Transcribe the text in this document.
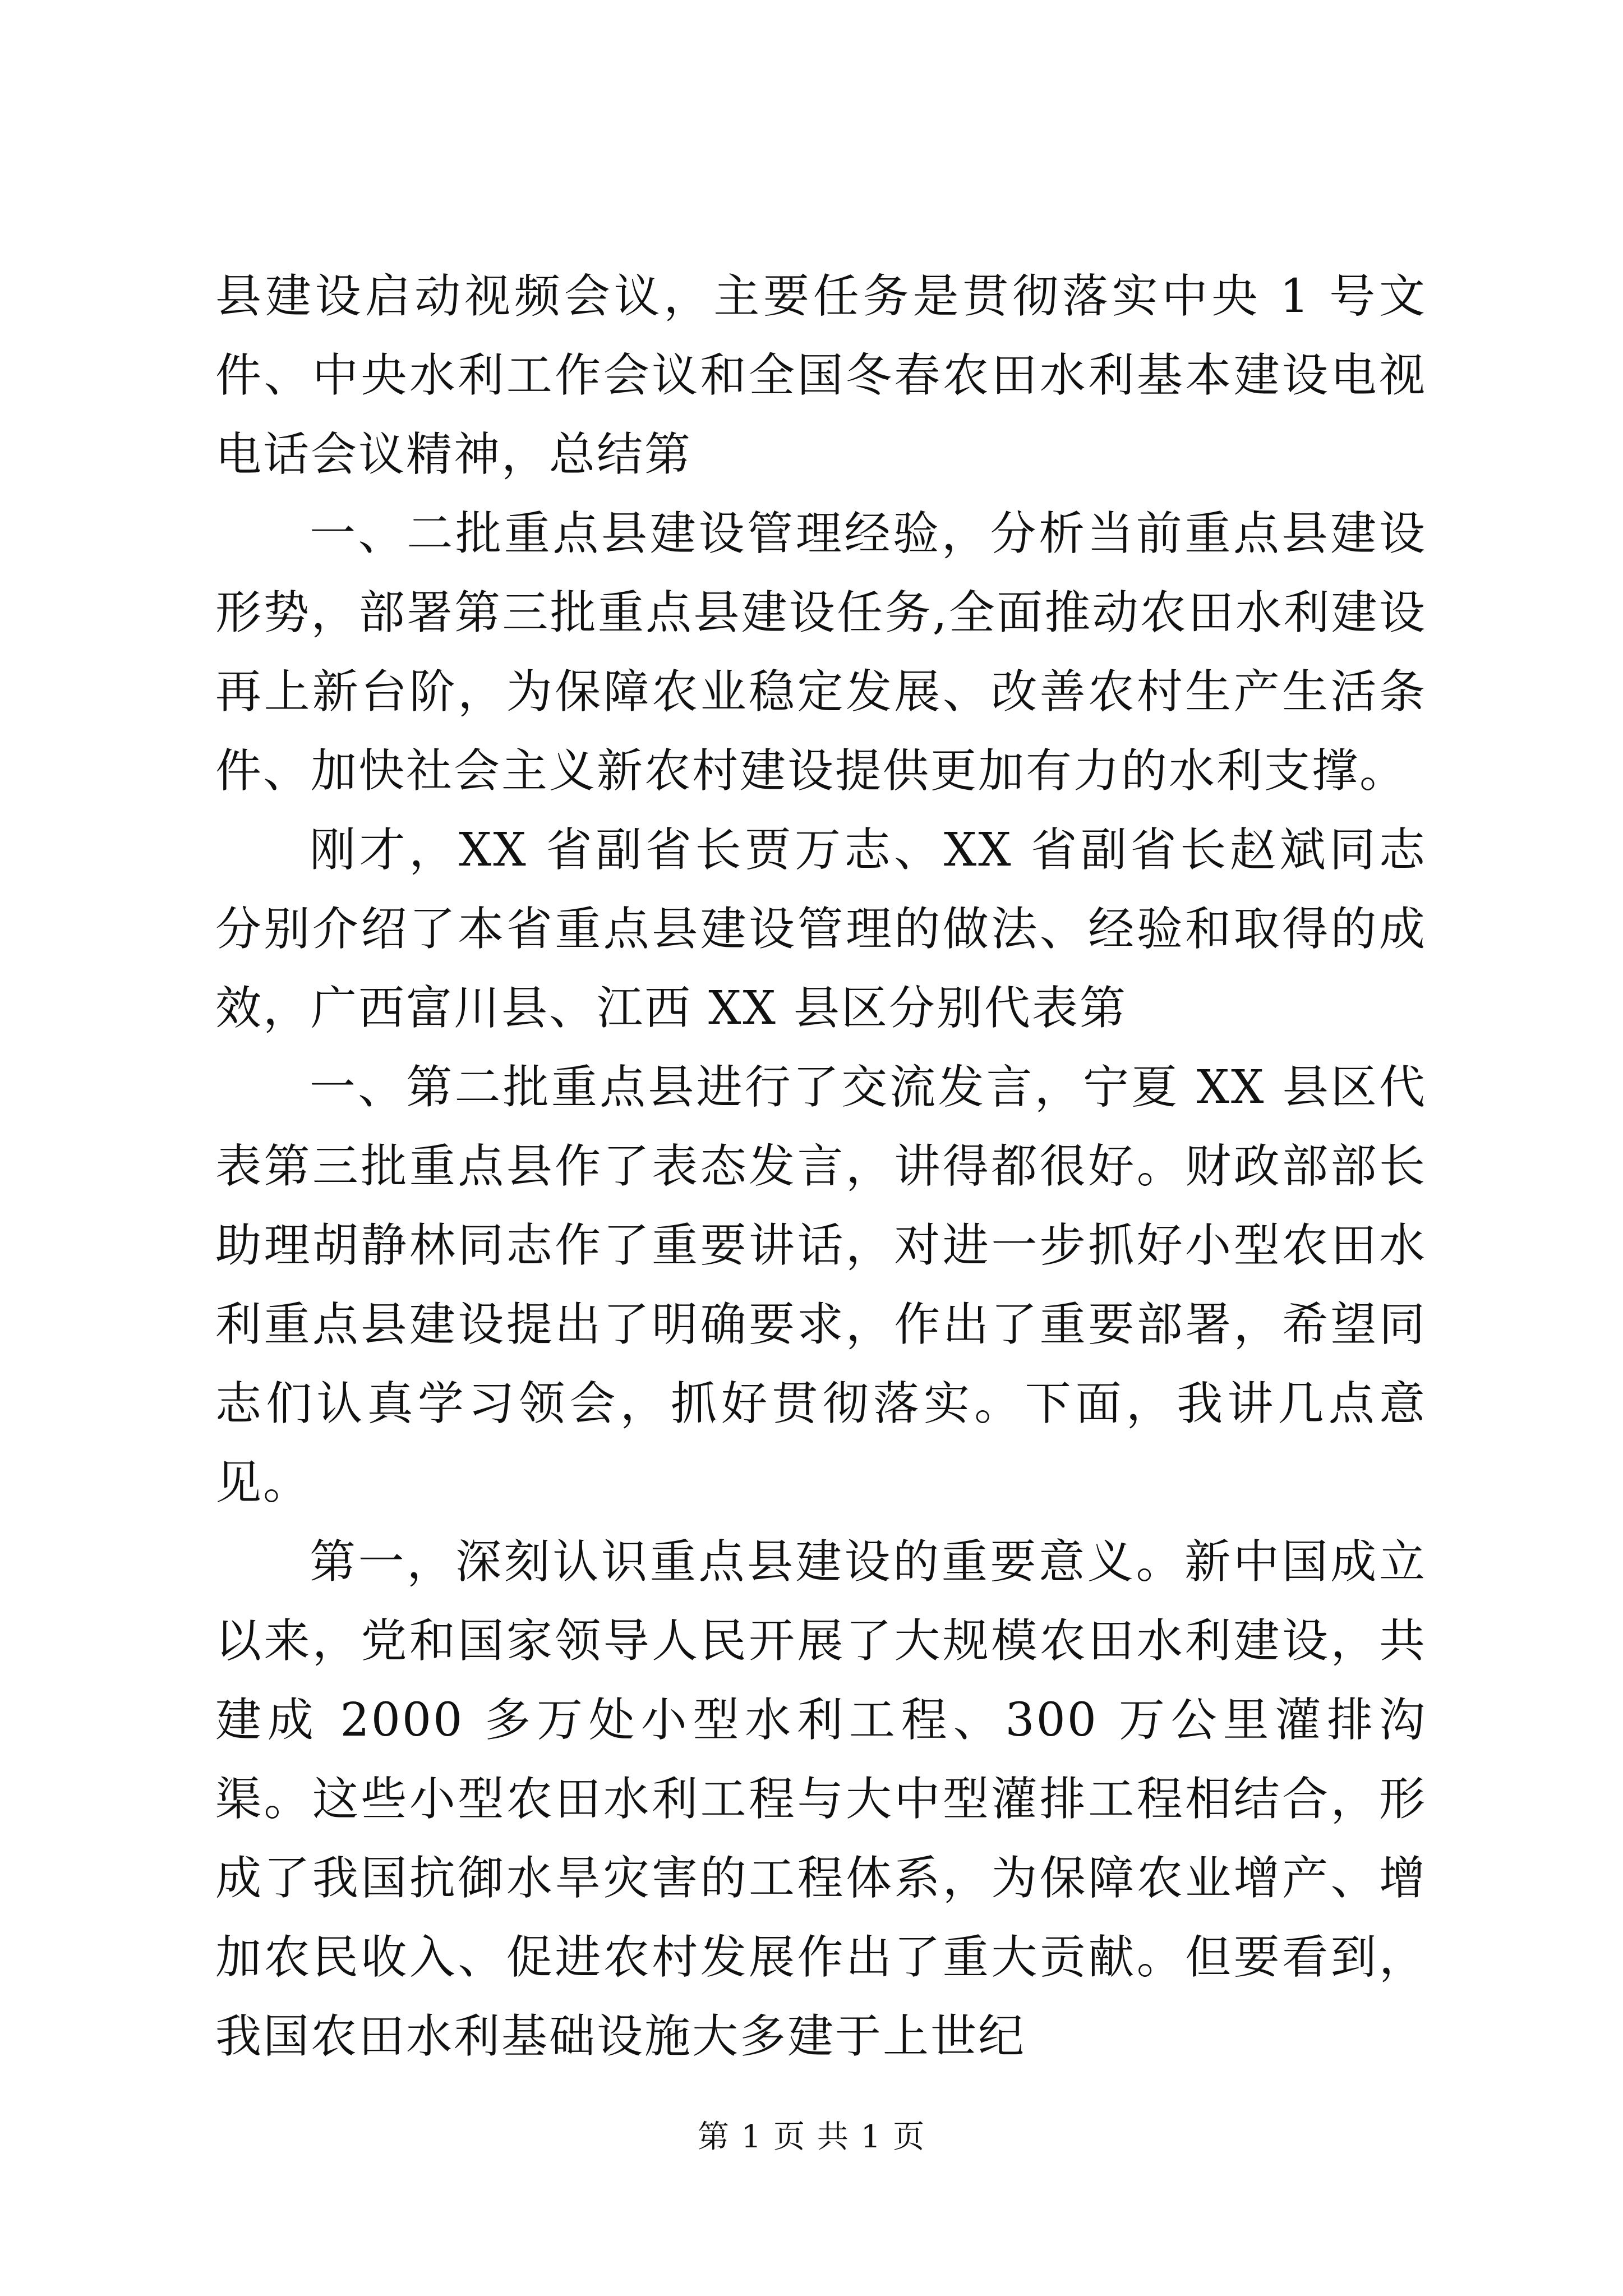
县建设启动视频会议，主要任务是贯彻落实中央 1 号文件、中央水利工作会议和全国冬春农田水利基本建设电视电话会议精神，总结第

一、二批重点县建设管理经验，分析当前重点县建设形势，部署第三批重点县建设任务,全面推动农田水利建设再上新台阶，为保障农业稳定发展、改善农村生产生活条件、加快社会主义新农村建设提供更加有力的水利支撑。

刚才，XX 省副省长贾万志、XX 省副省长赵斌同志分别介绍了本省重点县建设管理的做法、经验和取得的成效，广西富川县、江西 XX 县区分别代表第

一、第二批重点县进行了交流发言，宁夏 XX 县区代表第三批重点县作了表态发言，讲得都很好。财政部部长助理胡静林同志作了重要讲话，对进一步抓好小型农田水利重点县建设提出了明确要求，作出了重要部署，希望同志们认真学习领会，抓好贯彻落实。下面，我讲几点意见。

第一，深刻认识重点县建设的重要意义。新中国成立以来，党和国家领导人民开展了大规模农田水利建设，共建成 2000 多万处小型水利工程、300 万公里灌排沟渠。这些小型农田水利工程与大中型灌排工程相结合，形成了我国抗御水旱灾害的工程体系，为保障农业增产、增加农民收入、促进农村发展作出了重大贡献。但要看到，我国农田水利基础设施大多建于上世纪

第 1 页 共 1 页
